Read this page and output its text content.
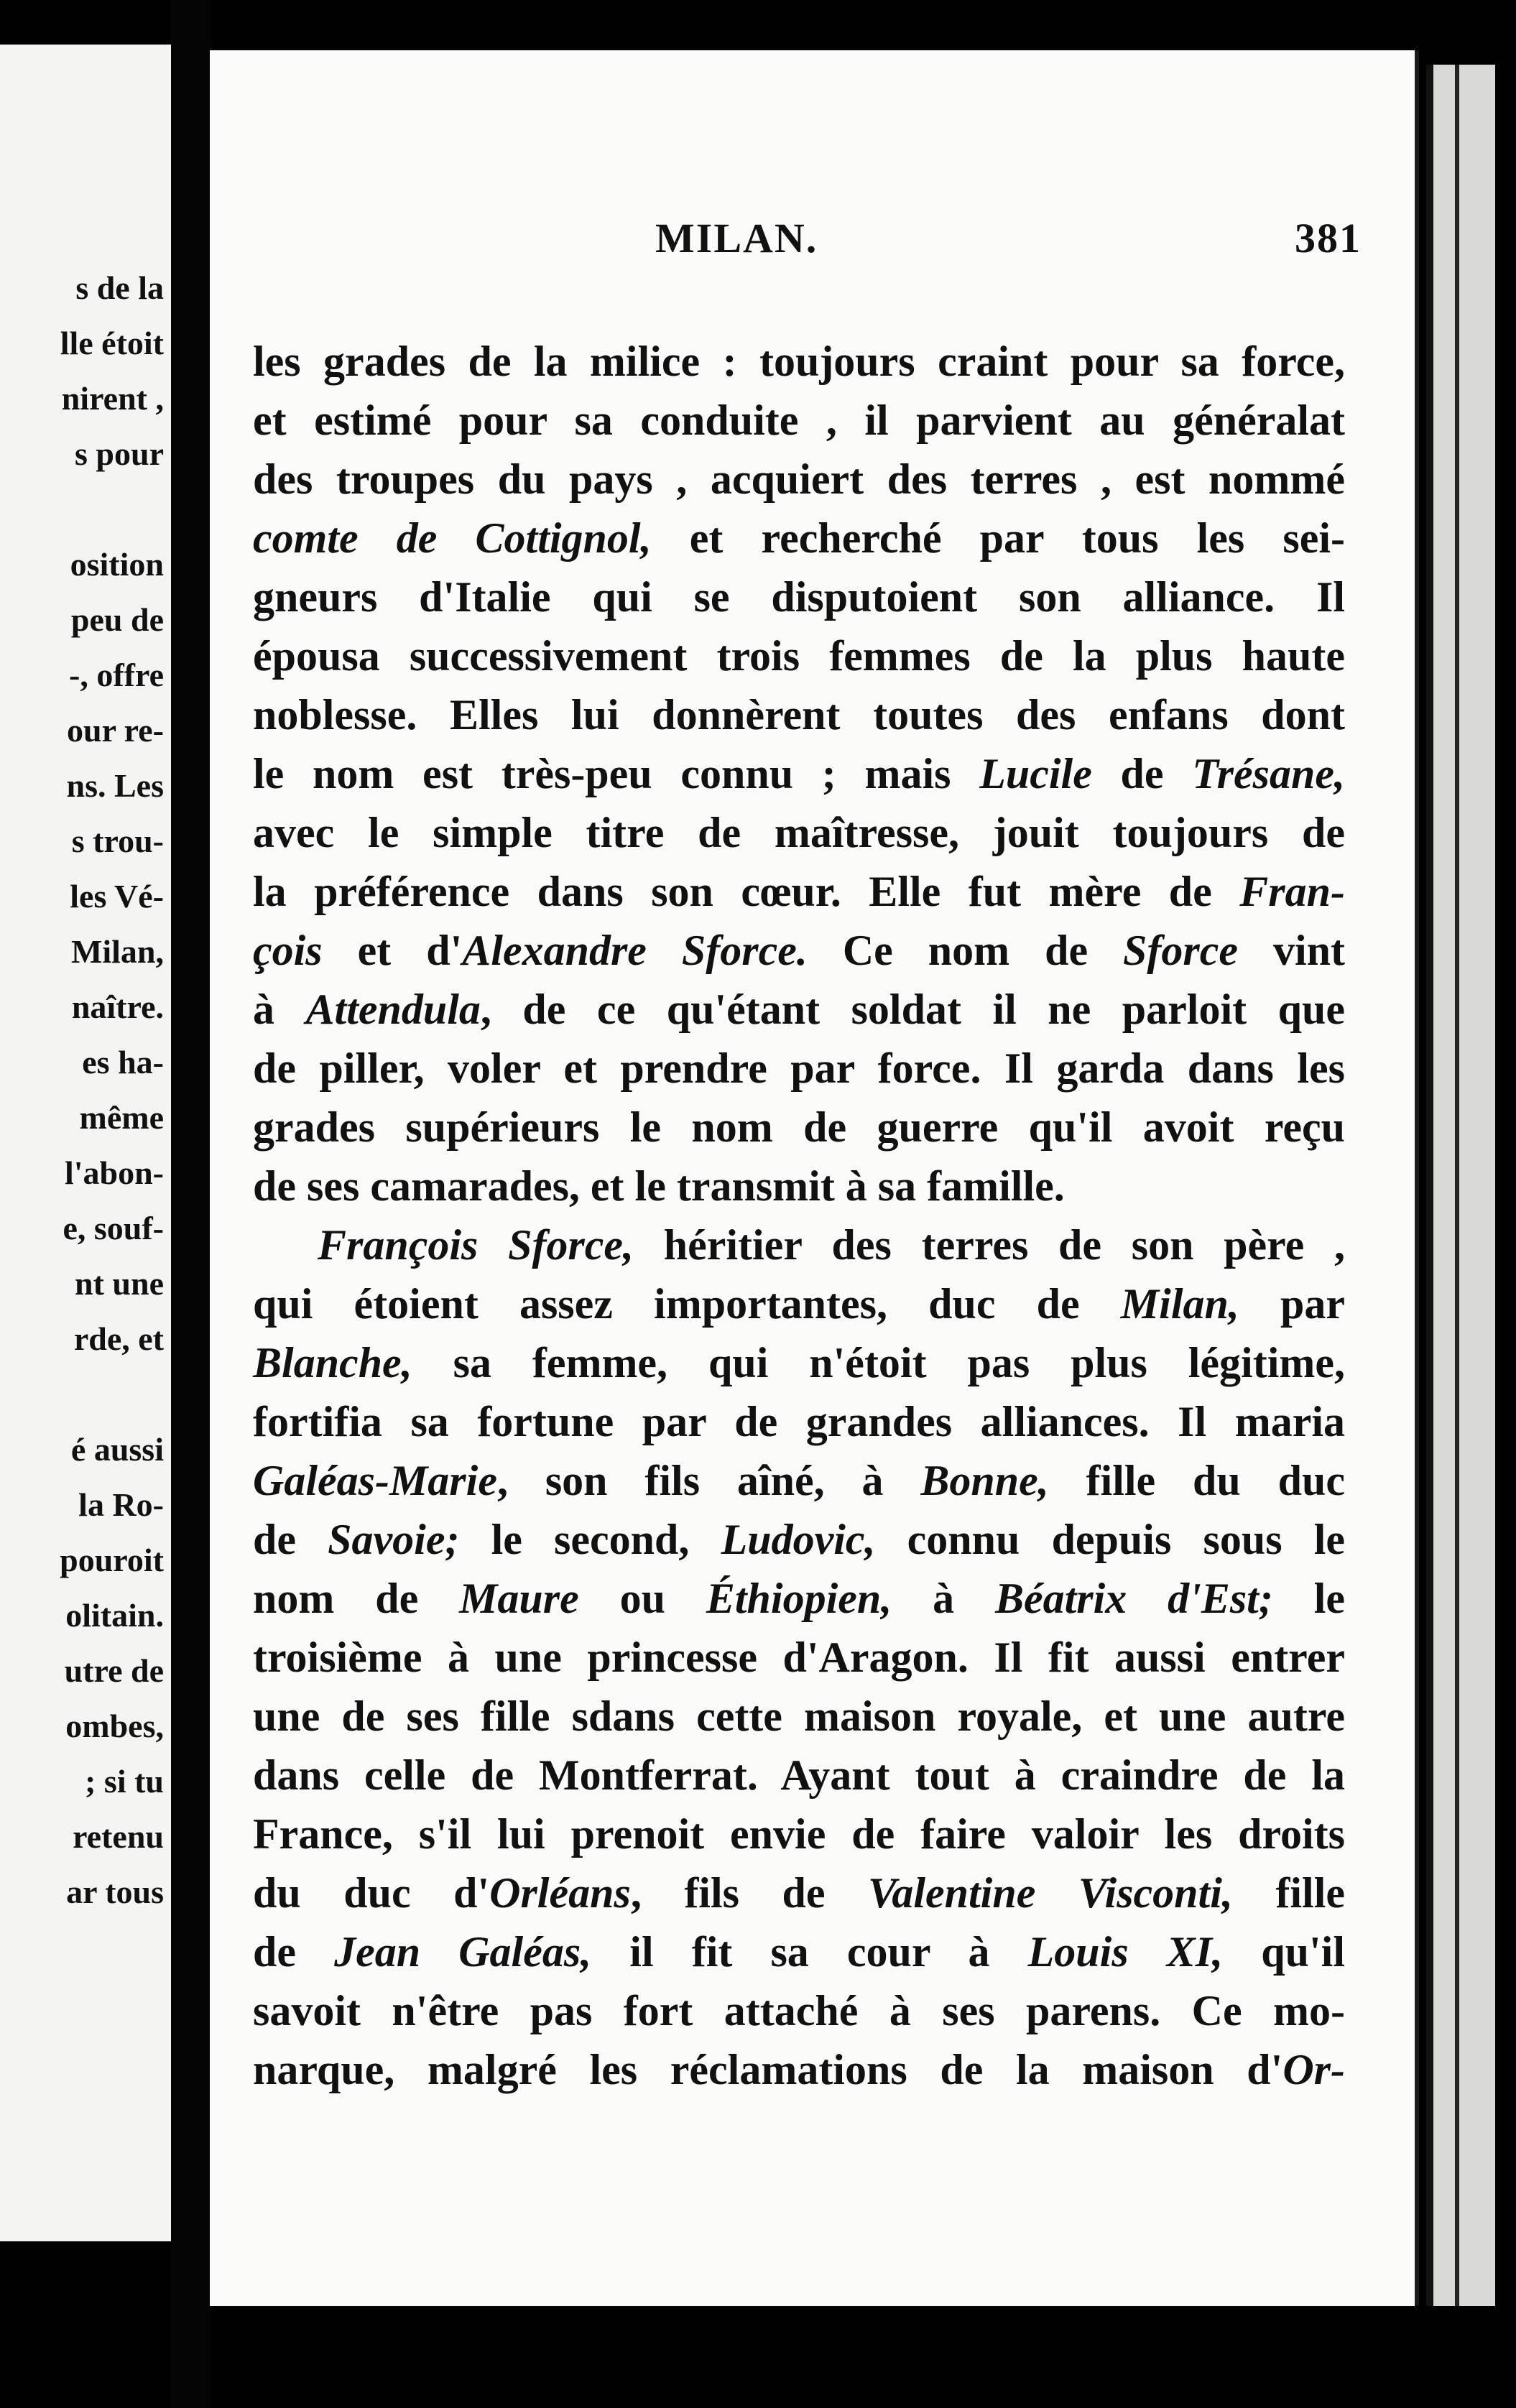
s de la
lle étoit
nirent ,
s pour
osition
peu de
-, offre
our re-
ns. Les
s trou-
les Vé-
Milan,
naître.
es ha-
même
l'abon-
e, souf-
nt une
rde, et
é aussi
la Ro-
pouroit
olitain.
utre de
ombes,
; si tu
retenu
ar tous
MILAN.	381
les grades de la milice : toujours craint pour sa force,
et estimé pour sa conduite , il parvient au généralat
des troupes du pays , acquiert des terres , est nommé
comte de Cottignol, et recherché par tous les sei-
gneurs d'Italie qui se disputoient son alliance. Il
épousa successivement trois femmes de la plus haute
noblesse. Elles lui donnèrent toutes des enfans dont
le nom est très-peu connu ; mais Lucile de Trésane,
avec le simple titre de maîtresse, jouit toujours de
la préférence dans son cœur. Elle fut mère de Fran-
çois et d'Alexandre Sforce. Ce nom de Sforce vint
à Attendula, de ce qu'étant soldat il ne parloit que
de piller, voler et prendre par force. Il garda dans les
grades supérieurs le nom de guerre qu'il avoit reçu
de ses camarades, et le transmit à sa famille.
François Sforce, héritier des terres de son père ,
qui étoient assez importantes, duc de Milan, par
Blanche, sa femme, qui n'étoit pas plus légitime,
fortifia sa fortune par de grandes alliances. Il maria
Galéas-Marie, son fils aîné, à Bonne, fille du duc
de Savoie; le second, Ludovic, connu depuis sous le
nom de Maure ou Éthiopien, à Béatrix d'Est; le
troisième à une princesse d'Aragon. Il fit aussi entrer
une de ses fille sdans cette maison royale, et une autre
dans celle de Montferrat. Ayant tout à craindre de la
France, s'il lui prenoit envie de faire valoir les droits
du duc d'Orléans, fils de Valentine Visconti, fille
de Jean Galéas, il fit sa cour à Louis XI, qu'il
savoit n'être pas fort attaché à ses parens. Ce mo-
narque, malgré les réclamations de la maison d'Or-
